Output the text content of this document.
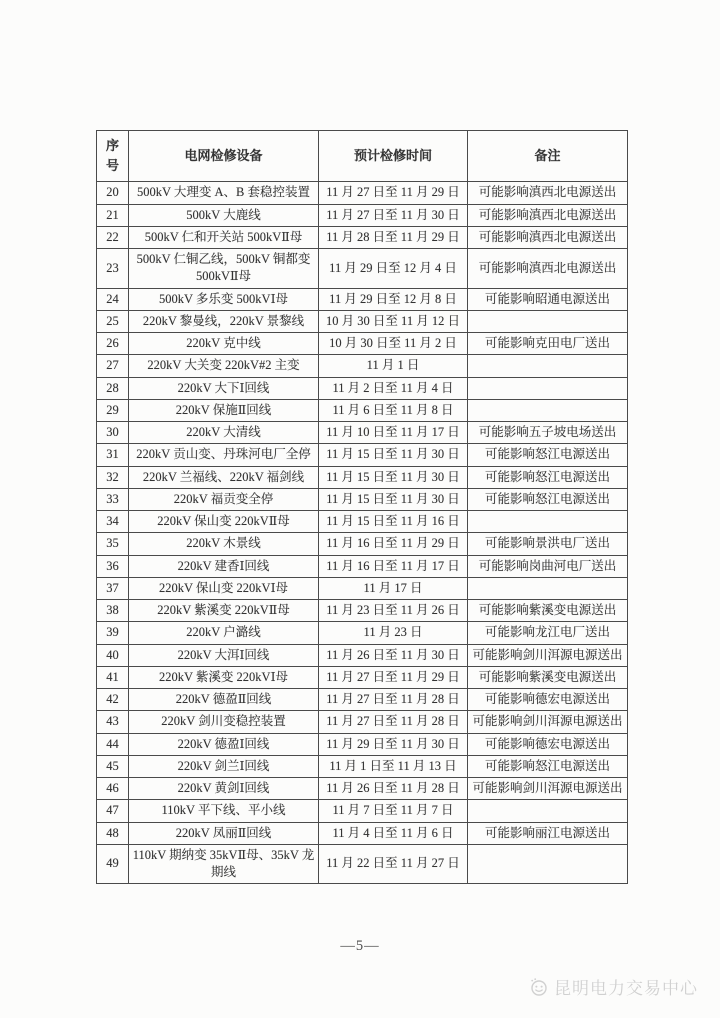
序号	电网检修设备	预计检修时间	备注
20	500kV 大理变 A、B 套稳控装置	11 月 27 日至 11 月 29 日	可能影响滇西北电源送出
21	500kV 大鹿线	11 月 27 日至 11 月 30 日	可能影响滇西北电源送出
22	500kV 仁和开关站 500kVⅡ母	11 月 28 日至 11 月 29 日	可能影响滇西北电源送出
23	500kV 仁铜乙线，500kV 铜都变 500kVⅡ母	11 月 29 日至 12 月 4 日	可能影响滇西北电源送出
24	500kV 多乐变 500kVⅠ母	11 月 29 日至 12 月 8 日	可能影响昭通电源送出
25	220kV 黎曼线，220kV 景黎线	10 月 30 日至 11 月 12 日	
26	220kV 克中线	10 月 30 日至 11 月 2 日	可能影响克田电厂送出
27	220kV 大关变 220kV#2 主变	11 月 1 日	
28	220kV 大下Ⅰ回线	11 月 2 日至 11 月 4 日	
29	220kV 保施Ⅱ回线	11 月 6 日至 11 月 8 日	
30	220kV 大清线	11 月 10 日至 11 月 17 日	可能影响五子坡电场送出
31	220kV 贡山变、丹珠河电厂全停	11 月 15 日至 11 月 30 日	可能影响怒江电源送出
32	220kV 兰福线、220kV 福剑线	11 月 15 日至 11 月 30 日	可能影响怒江电源送出
33	220kV 福贡变全停	11 月 15 日至 11 月 30 日	可能影响怒江电源送出
34	220kV 保山变 220kVⅡ母	11 月 15 日至 11 月 16 日	
35	220kV 木景线	11 月 16 日至 11 月 29 日	可能影响景洪电厂送出
36	220kV 建香Ⅰ回线	11 月 16 日至 11 月 17 日	可能影响岗曲河电厂送出
37	220kV 保山变 220kVⅠ母	11 月 17 日	
38	220kV 紫溪变 220kVⅡ母	11 月 23 日至 11 月 26 日	可能影响紫溪变电源送出
39	220kV 户潞线	11 月 23 日	可能影响龙江电厂送出
40	220kV 大洱Ⅰ回线	11 月 26 日至 11 月 30 日	可能影响剑川洱源电源送出
41	220kV 紫溪变 220kVⅠ母	11 月 27 日至 11 月 29 日	可能影响紫溪变电源送出
42	220kV 德盈Ⅱ回线	11 月 27 日至 11 月 28 日	可能影响德宏电源送出
43	220kV 剑川变稳控装置	11 月 27 日至 11 月 28 日	可能影响剑川洱源电源送出
44	220kV 德盈Ⅰ回线	11 月 29 日至 11 月 30 日	可能影响德宏电源送出
45	220kV 剑兰Ⅰ回线	11 月 1 日至 11 月 13 日	可能影响怒江电源送出
46	220kV 黄剑Ⅰ回线	11 月 26 日至 11 月 28 日	可能影响剑川洱源电源送出
47	110kV 平下线、平小线	11 月 7 日至 11 月 7 日	
48	220kV 凤丽Ⅱ回线	11 月 4 日至 11 月 6 日	可能影响丽江电源送出
49	110kV 期纳变 35kVⅡ母、35kV 龙期线	11 月 22 日至 11 月 27 日	
—5—
昆明电力交易中心
